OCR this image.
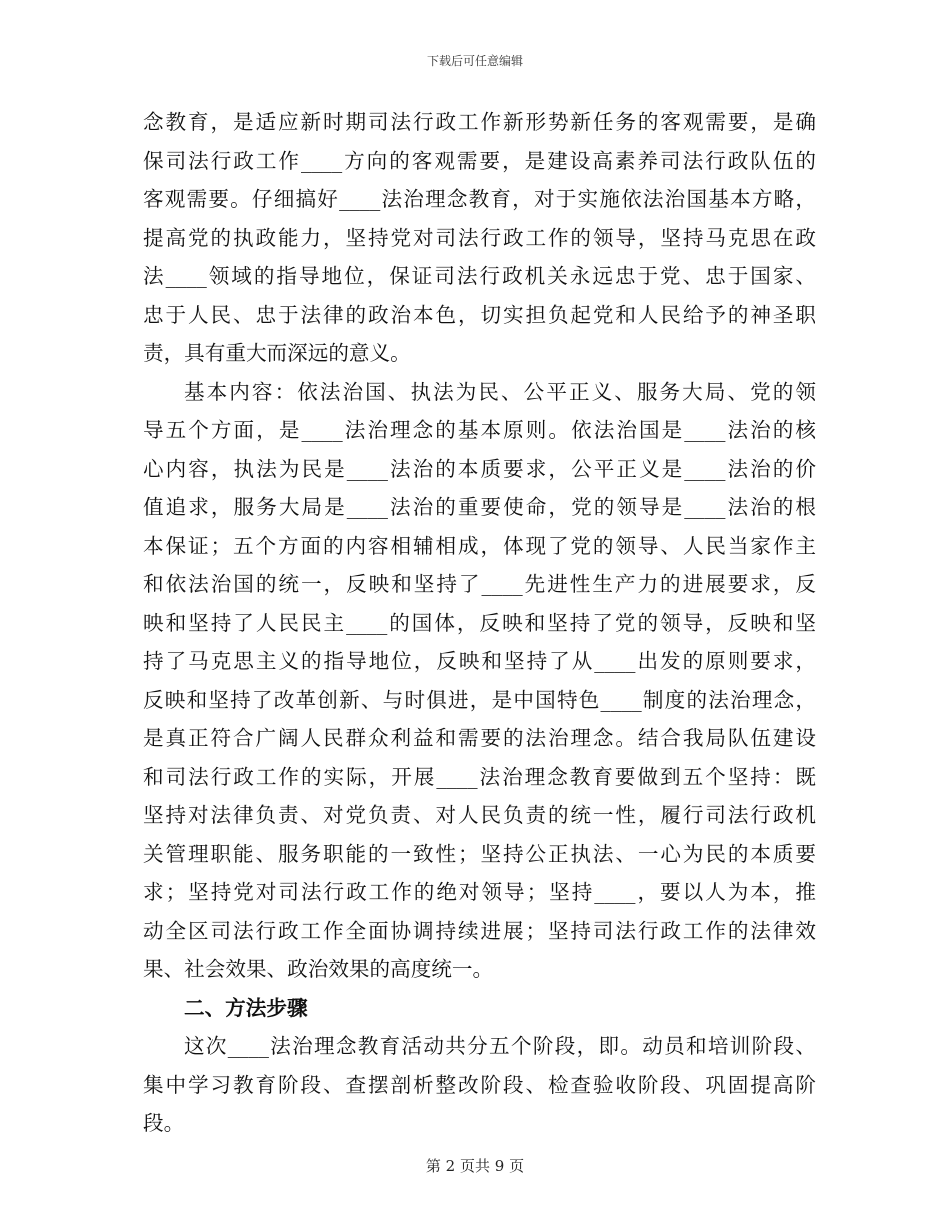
下载后可任意编辑
念教育，是适应新时期司法行政工作新形势新任务的客观需要，是确
保司法行政工作____方向的客观需要，是建设高素养司法行政队伍的
客观需要。仔细搞好____法治理念教育，对于实施依法治国基本方略，
提高党的执政能力，坚持党对司法行政工作的领导，坚持马克思在政
法____领域的指导地位，保证司法行政机关永远忠于党、忠于国家、
忠于人民、忠于法律的政治本色，切实担负起党和人民给予的神圣职
责，具有重大而深远的意义。
基本内容：依法治国、执法为民、公平正义、服务大局、党的领
导五个方面，是____法治理念的基本原则。依法治国是____法治的核
心内容，执法为民是____法治的本质要求，公平正义是____法治的价
值追求，服务大局是____法治的重要使命，党的领导是____法治的根
本保证；五个方面的内容相辅相成，体现了党的领导、人民当家作主
和依法治国的统一，反映和坚持了____先进性生产力的进展要求，反
映和坚持了人民民主____的国体，反映和坚持了党的领导，反映和坚
持了马克思主义的指导地位，反映和坚持了从____出发的原则要求，
反映和坚持了改革创新、与时俱进，是中国特色____制度的法治理念，
是真正符合广阔人民群众利益和需要的法治理念。结合我局队伍建设
和司法行政工作的实际，开展____法治理念教育要做到五个坚持：既
坚持对法律负责、对党负责、对人民负责的统一性，履行司法行政机
关管理职能、服务职能的一致性；坚持公正执法、一心为民的本质要
求；坚持党对司法行政工作的绝对领导；坚持____，要以人为本，推
动全区司法行政工作全面协调持续进展；坚持司法行政工作的法律效
果、社会效果、政治效果的高度统一。
二、方法步骤
这次____法治理念教育活动共分五个阶段，即。动员和培训阶段、
集中学习教育阶段、查摆剖析整改阶段、检查验收阶段、巩固提高阶
段。
第 2 页共 9 页
